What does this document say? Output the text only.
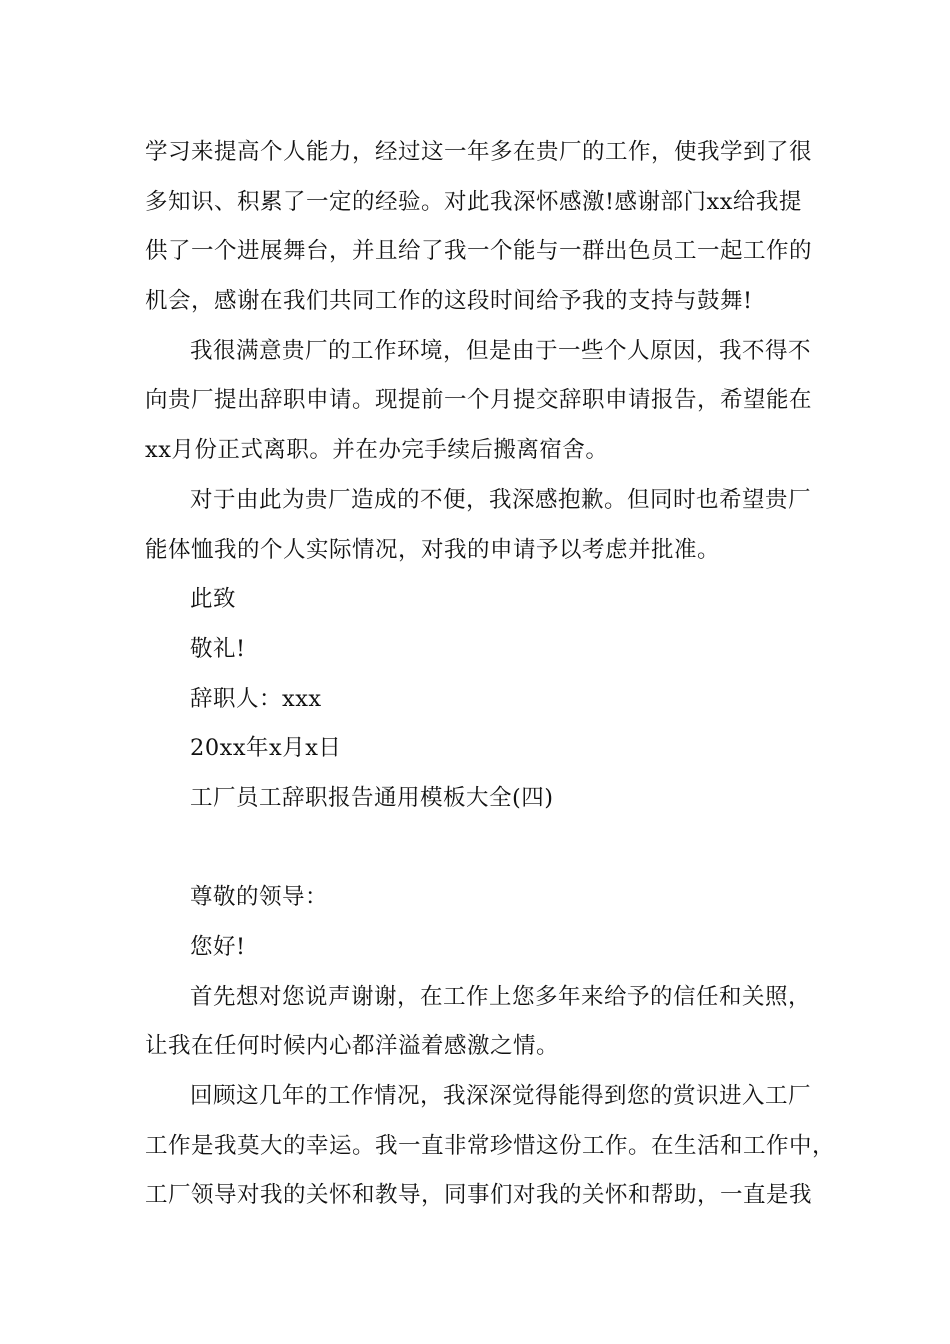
学习来提高个人能力，经过这一年多在贵厂的工作，使我学到了很

多知识、积累了一定的经验。对此我深怀感激!感谢部门xx给我提

供了一个进展舞台，并且给了我一个能与一群出色员工一起工作的

机会，感谢在我们共同工作的这段时间给予我的支持与鼓舞!

我很满意贵厂的工作环境，但是由于一些个人原因，我不得不

向贵厂提出辞职申请。现提前一个月提交辞职申请报告，希望能在

xx月份正式离职。并在办完手续后搬离宿舍。

对于由此为贵厂造成的不便，我深感抱歉。但同时也希望贵厂

能体恤我的个人实际情况，对我的申请予以考虑并批准。

此致

敬礼!

辞职人：xxx

20xx年x月x日

工厂员工辞职报告通用模板大全(四)

尊敬的领导：

您好!

首先想对您说声谢谢，在工作上您多年来给予的信任和关照，

让我在任何时候内心都洋溢着感激之情。

回顾这几年的工作情况，我深深觉得能得到您的赏识进入工厂

工作是我莫大的幸运。我一直非常珍惜这份工作。在生活和工作中，

工厂领导对我的关怀和教导，同事们对我的关怀和帮助，一直是我
